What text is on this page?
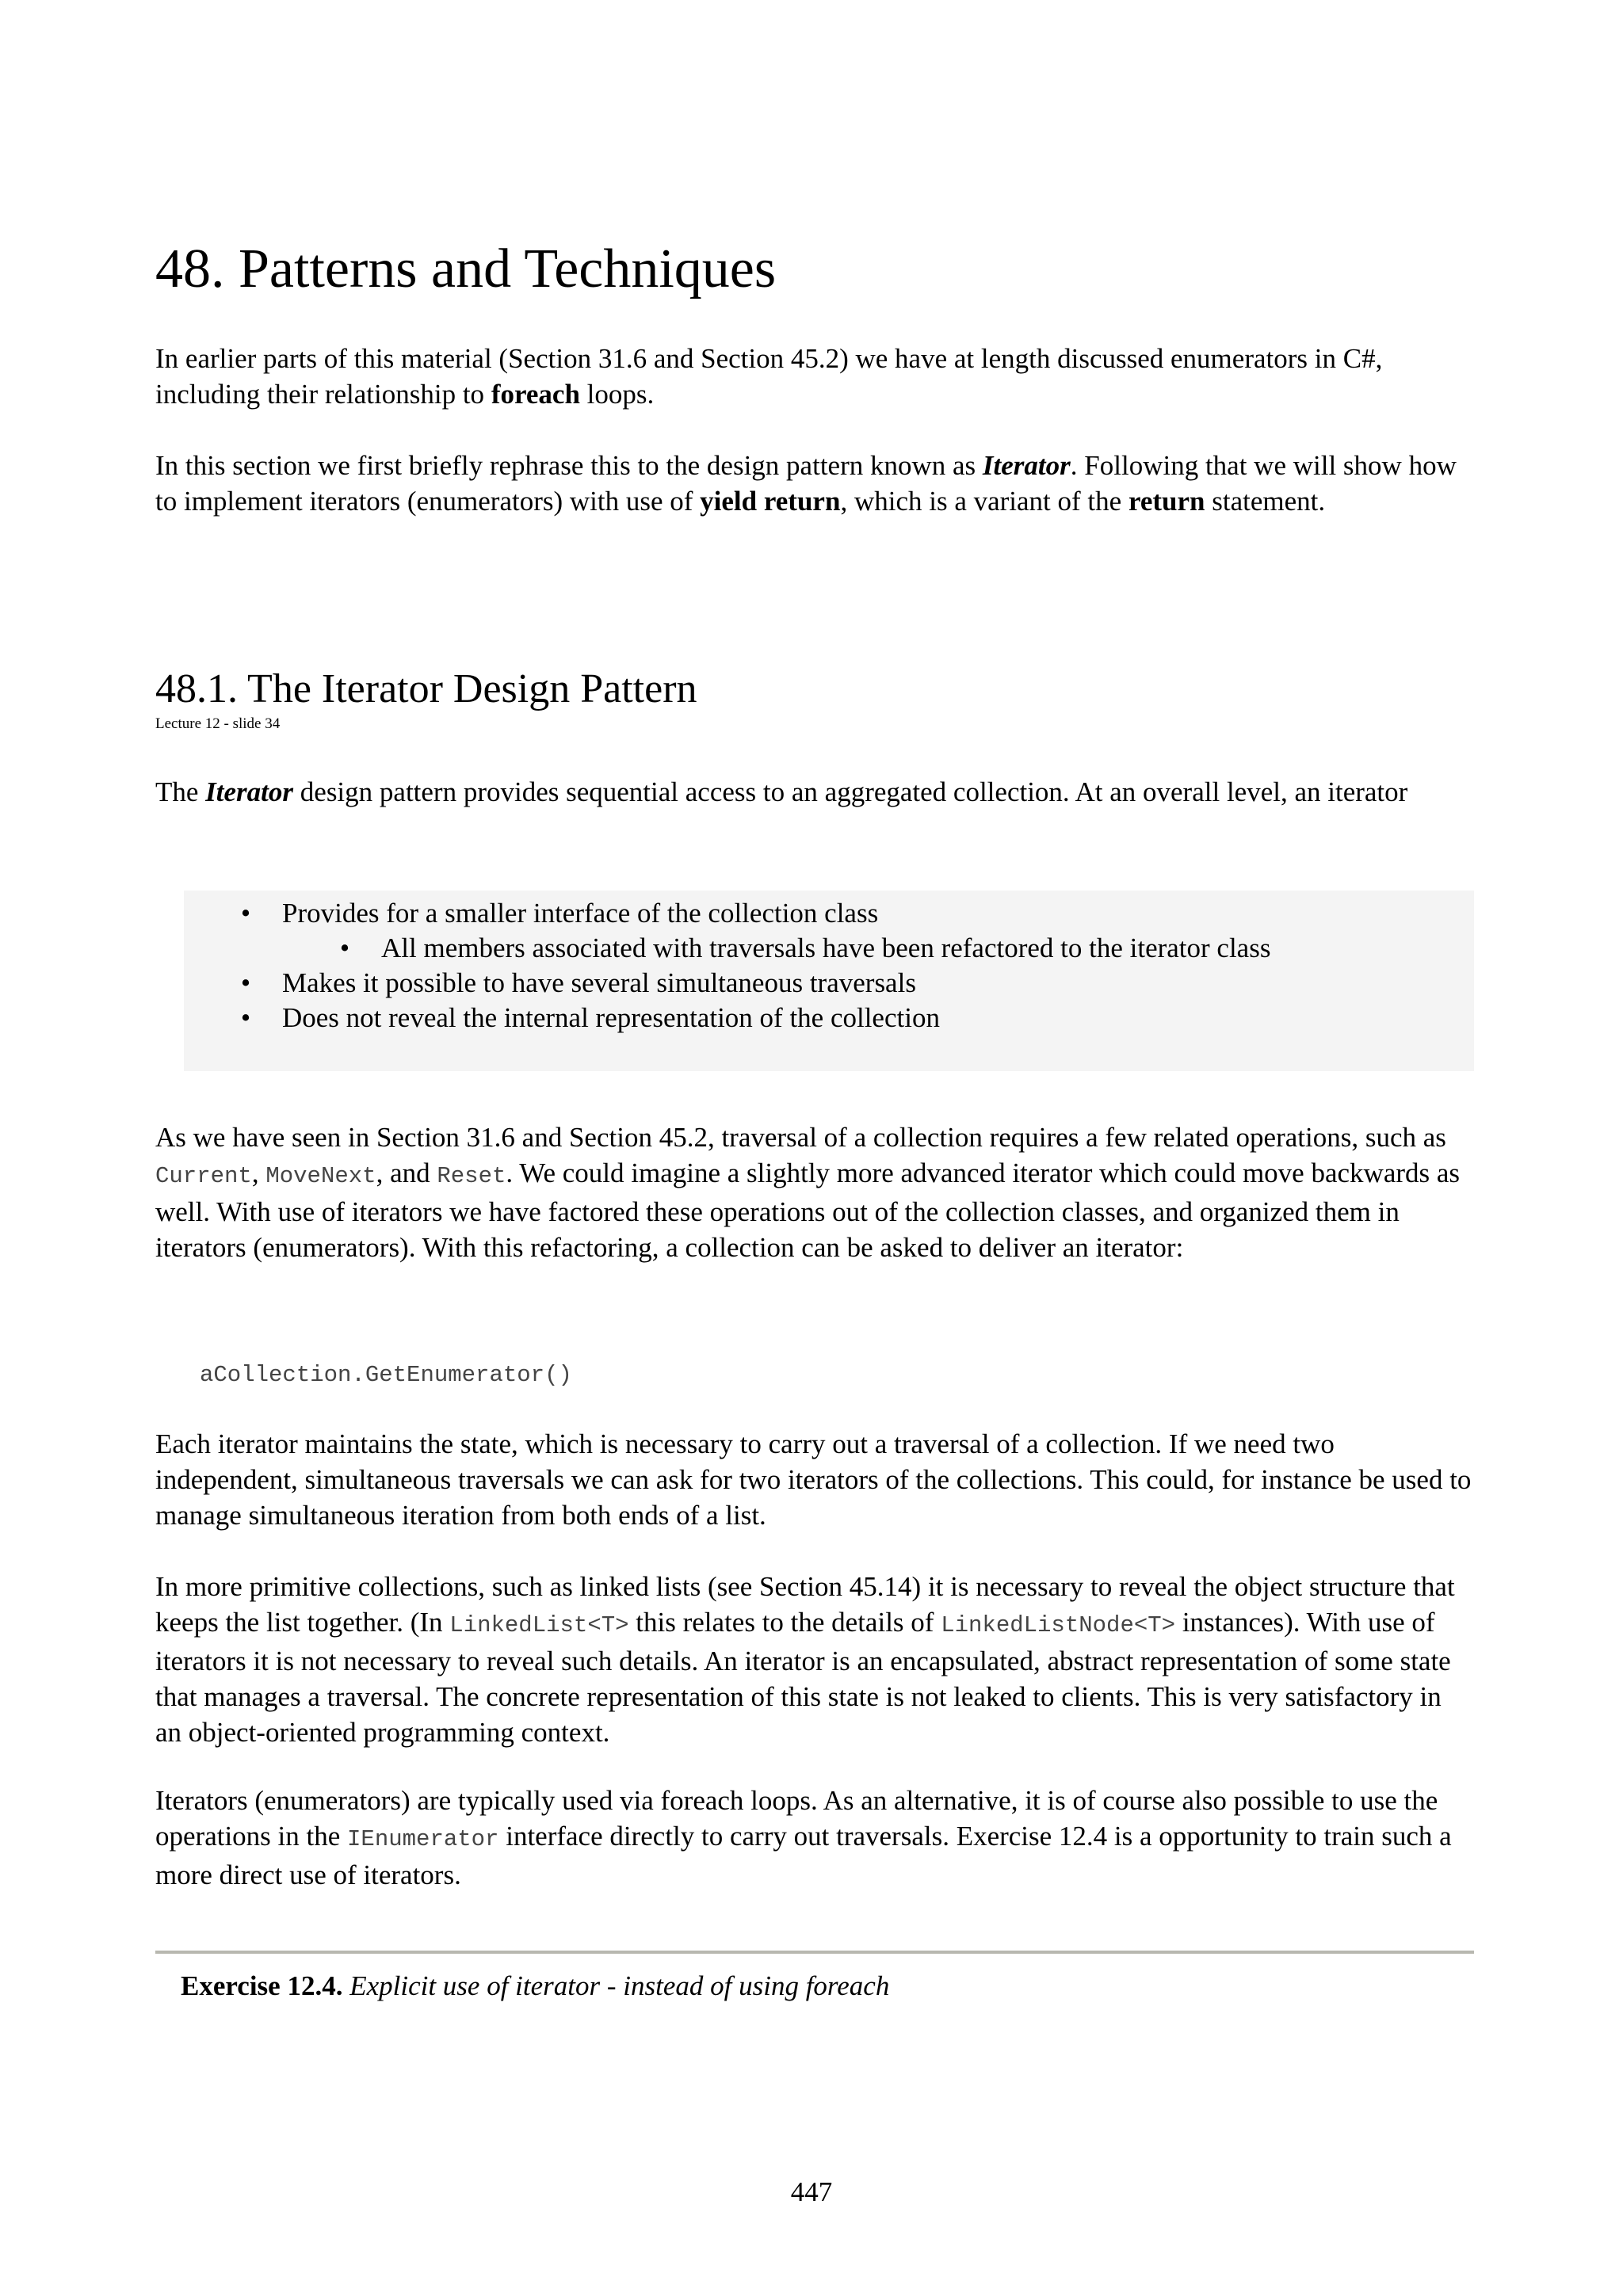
48. Patterns and Techniques

In earlier parts of this material (Section 31.6 and Section 45.2) we have at length discussed enumerators in C#, including their relationship to foreach loops.

In this section we first briefly rephrase this to the design pattern known as Iterator. Following that we will show how to implement iterators (enumerators) with use of yield return, which is a variant of the return statement.

48.1. The Iterator Design Pattern
Lecture 12 - slide 34

The Iterator design pattern provides sequential access to an aggregated collection. At an overall level, an iterator

• Provides for a smaller interface of the collection class
• All members associated with traversals have been refactored to the iterator class
• Makes it possible to have several simultaneous traversals
• Does not reveal the internal representation of the collection

As we have seen in Section 31.6 and Section 45.2, traversal of a collection requires a few related operations, such as Current, MoveNext, and Reset. We could imagine a slightly more advanced iterator which could move backwards as well. With use of iterators we have factored these operations out of the collection classes, and organized them in iterators (enumerators). With this refactoring, a collection can be asked to deliver an iterator:

aCollection.GetEnumerator()

Each iterator maintains the state, which is necessary to carry out a traversal of a collection. If we need two independent, simultaneous traversals we can ask for two iterators of the collections. This could, for instance be used to manage simultaneous iteration from both ends of a list.

In more primitive collections, such as linked lists (see Section 45.14) it is necessary to reveal the object structure that keeps the list together. (In LinkedList<T> this relates to the details of LinkedListNode<T> instances). With use of iterators it is not necessary to reveal such details. An iterator is an encapsulated, abstract representation of some state that manages a traversal. The concrete representation of this state is not leaked to clients. This is very satisfactory in an object-oriented programming context.

Iterators (enumerators) are typically used via foreach loops. As an alternative, it is of course also possible to use the operations in the IEnumerator interface directly to carry out traversals. Exercise 12.4 is a opportunity to train such a more direct use of iterators.

Exercise 12.4. Explicit use of iterator - instead of using foreach

447
